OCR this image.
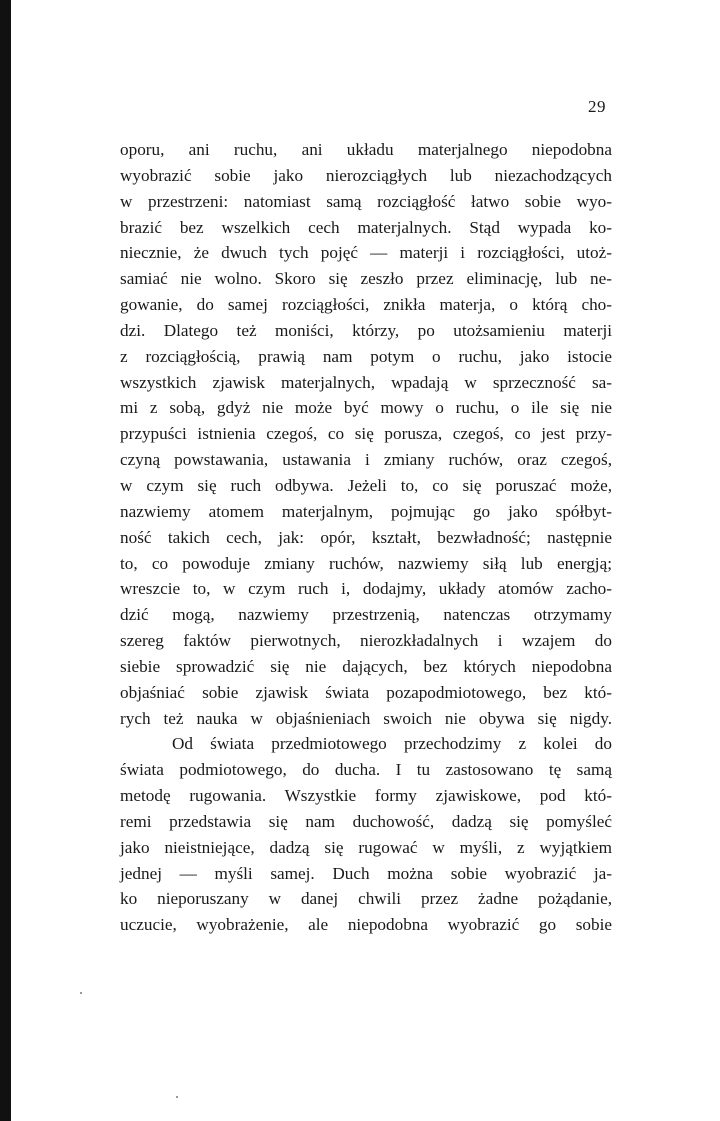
29
oporu, ani ruchu, ani układu materjalnego niepodobna
wyobrazić sobie jako nierozciągłych lub niezachodzących
w przestrzeni: natomiast samą rozciągłość łatwo sobie wyo-
brazić bez wszelkich cech materjalnych. Stąd wypada ko-
niecznie, że dwuch tych pojęć — materji i rozciągłości, utoż-
samiać nie wolno. Skoro się zeszło przez eliminację, lub ne-
gowanie, do samej rozciągłości, znikła materja, o którą cho-
dzi. Dlatego też moniści, którzy, po utożsamieniu materji
z rozciągłością, prawią nam potym o ruchu, jako istocie
wszystkich zjawisk materjalnych, wpadają w sprzeczność sa-
mi z sobą, gdyż nie może być mowy o ruchu, o ile się nie
przypuści istnienia czegoś, co się porusza, czegoś, co jest przy-
czyną powstawania, ustawania i zmiany ruchów, oraz czegoś,
w czym się ruch odbywa. Jeżeli to, co się poruszać może,
nazwiemy atomem materjalnym, pojmując go jako spółbyt-
ność takich cech, jak: opór, kształt, bezwładność; następnie
to, co powoduje zmiany ruchów, nazwiemy siłą lub energją;
wreszcie to, w czym ruch i, dodajmy, układy atomów zacho-
dzić mogą, nazwiemy przestrzenią, natenczas otrzymamy
szereg faktów pierwotnych, nierozkładalnych i wzajem do
siebie sprowadzić się nie dających, bez których niepodobna
objaśniać sobie zjawisk świata pozapodmiotowego, bez któ-
rych też nauka w objaśnieniach swoich nie obywa się nigdy.
Od świata przedmiotowego przechodzimy z kolei do
świata podmiotowego, do ducha. I tu zastosowano tę samą
metodę rugowania. Wszystkie formy zjawiskowe, pod któ-
remi przedstawia się nam duchowość, dadzą się pomyśleć
jako nieistniejące, dadzą się rugować w myśli, z wyjątkiem
jednej — myśli samej. Duch można sobie wyobrazić ja-
ko nieporuszany w danej chwili przez żadne pożądanie,
uczucie, wyobrażenie, ale niepodobna wyobrazić go sobie
